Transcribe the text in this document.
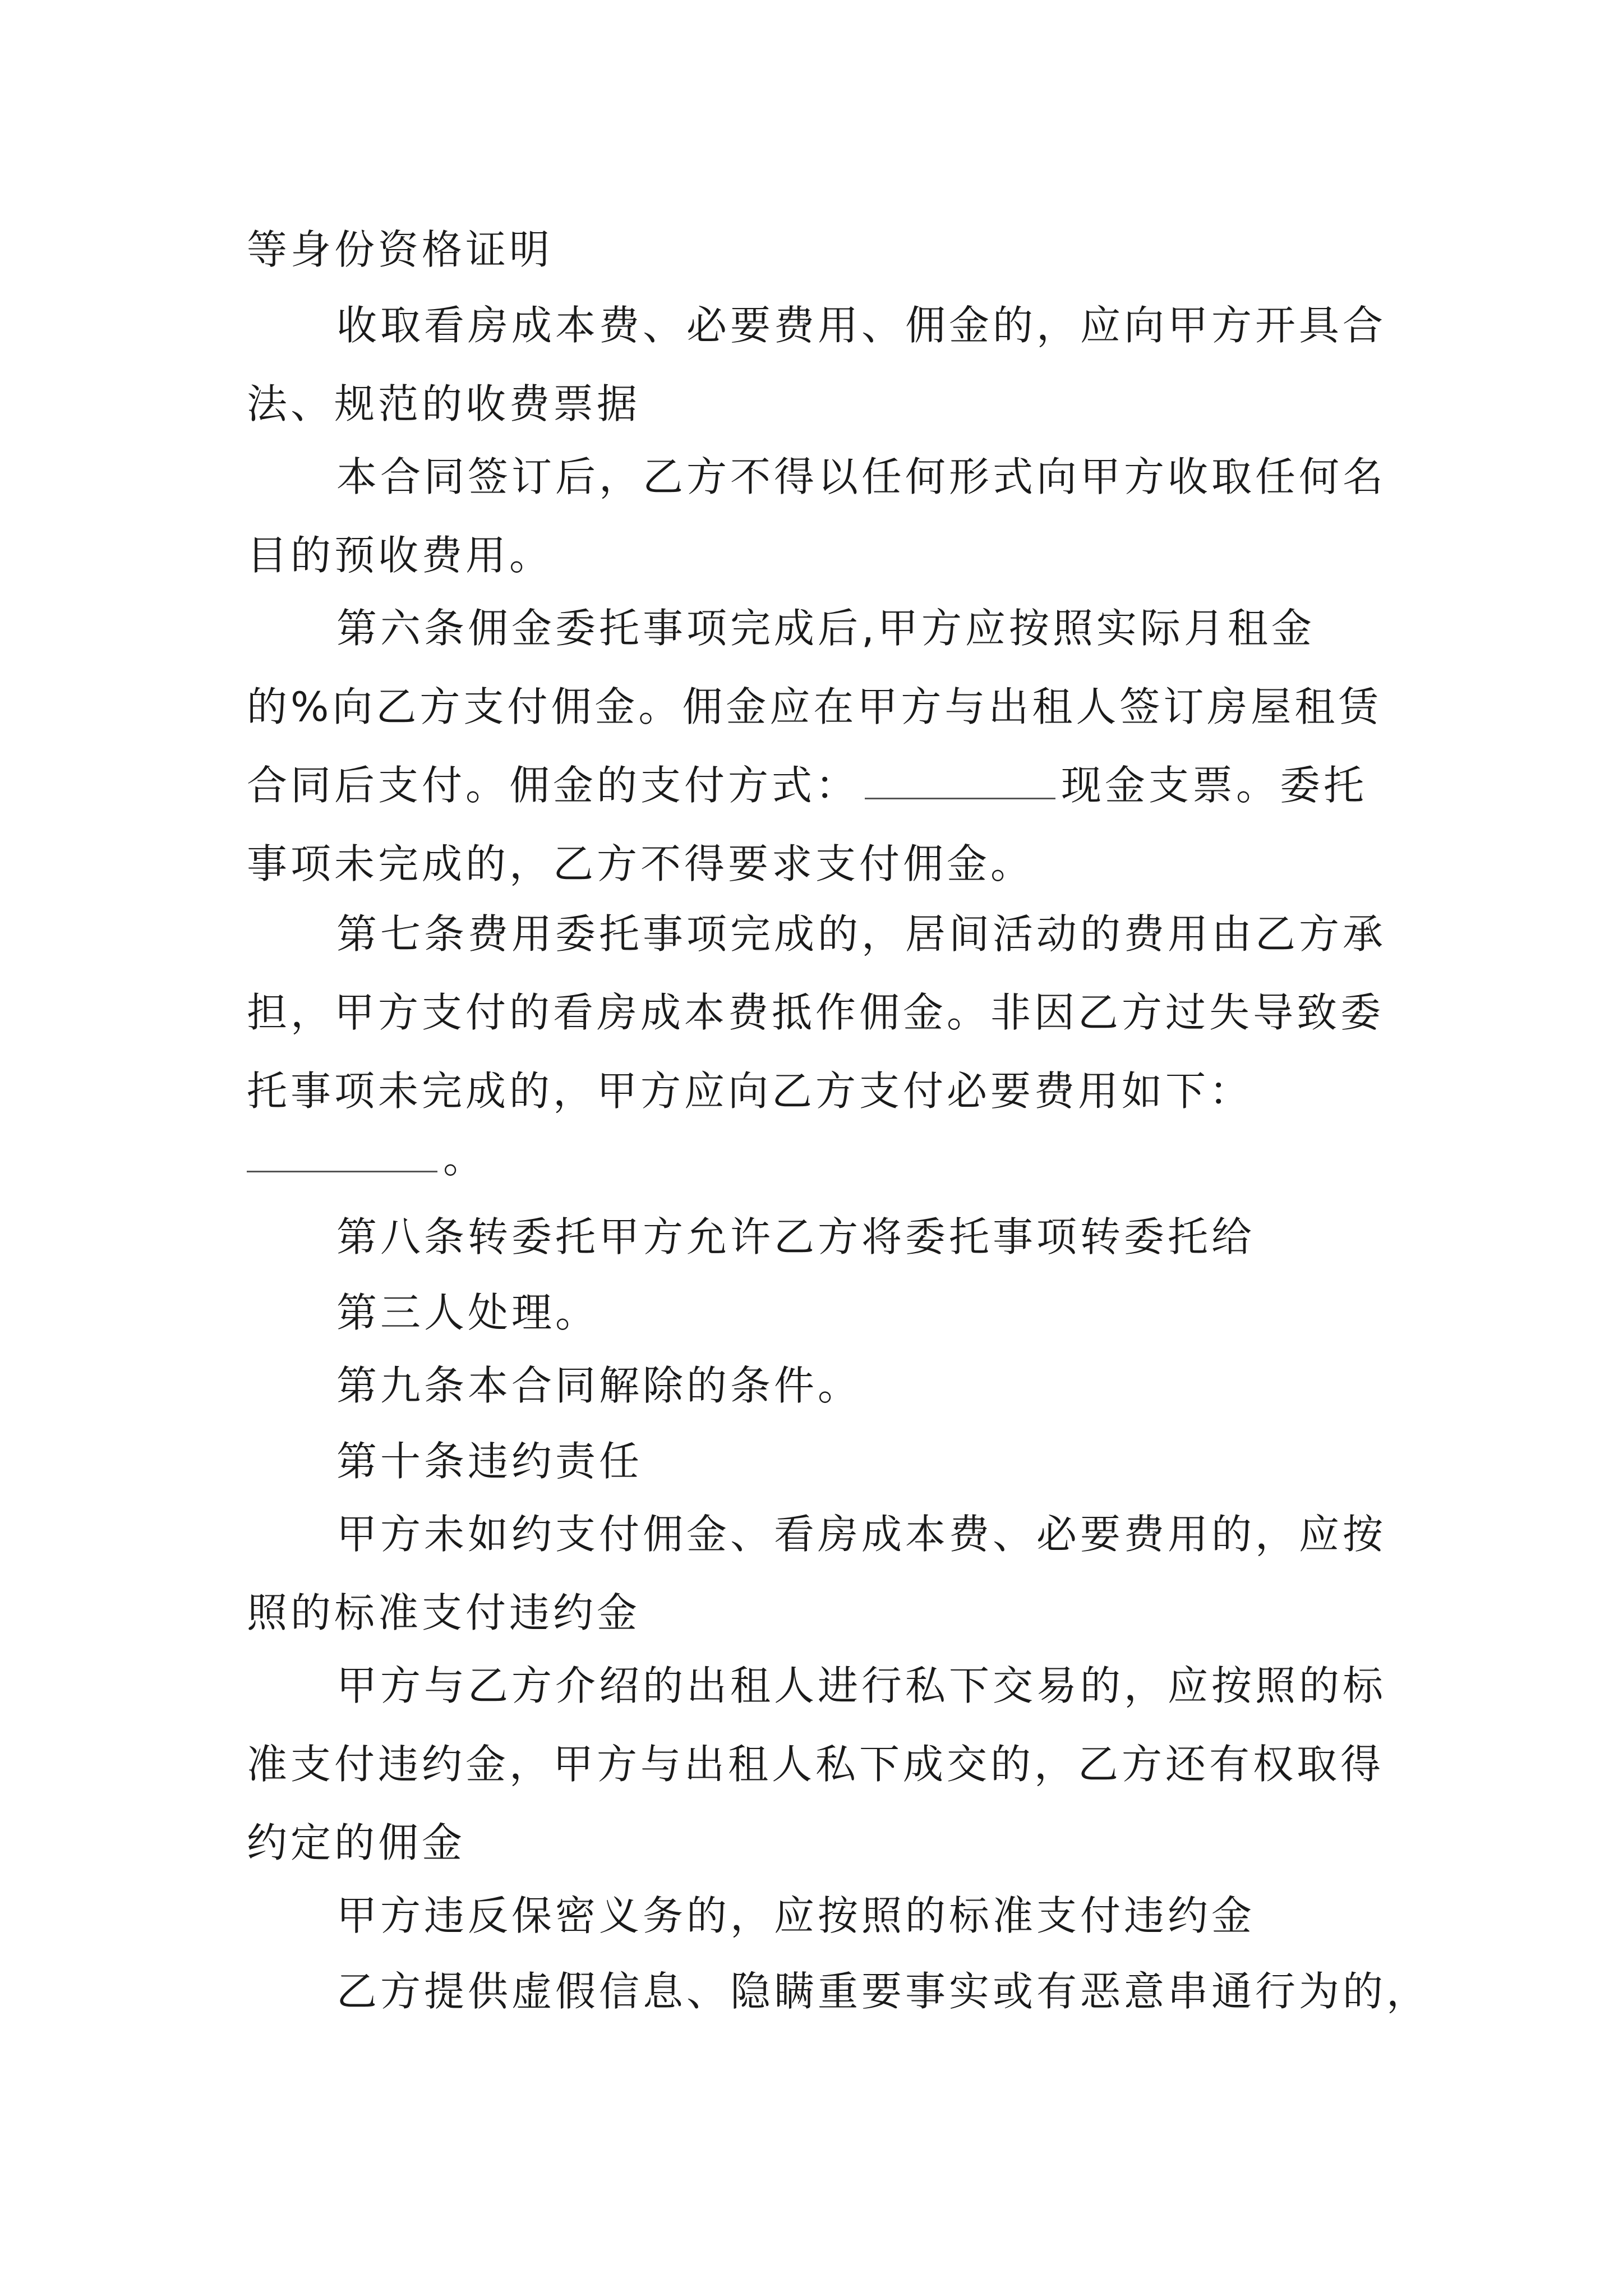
等身份资格证明

收取看房成本费、必要费用、佣金的，应向甲方开具合法、规范的收费票据

本合同签订后，乙方不得以任何形式向甲方收取任何名目的预收费用。

第六条佣金委托事项完成后,甲方应按照实际月租金的%向乙方支付佣金。佣金应在甲方与出租人签订房屋租赁合同后支付。佣金的支付方式：	现金支票。委托事项未完成的，乙方不得要求支付佣金。

第七条费用委托事项完成的，居间活动的费用由乙方承担，甲方支付的看房成本费抵作佣金。非因乙方过失导致委托事项未完成的，甲方应向乙方支付必要费用如下：

。

第八条转委托甲方允许乙方将委托事项转委托给

第三人处理。

第九条本合同解除的条件。

第十条违约责任

甲方未如约支付佣金、看房成本费、必要费用的，应按照的标准支付违约金

甲方与乙方介绍的出租人进行私下交易的，应按照的标准支付违约金，甲方与出租人私下成交的，乙方还有权取得约定的佣金

甲方违反保密义务的，应按照的标准支付违约金

乙方提供虚假信息、隐瞒重要事实或有恶意串通行为的，
